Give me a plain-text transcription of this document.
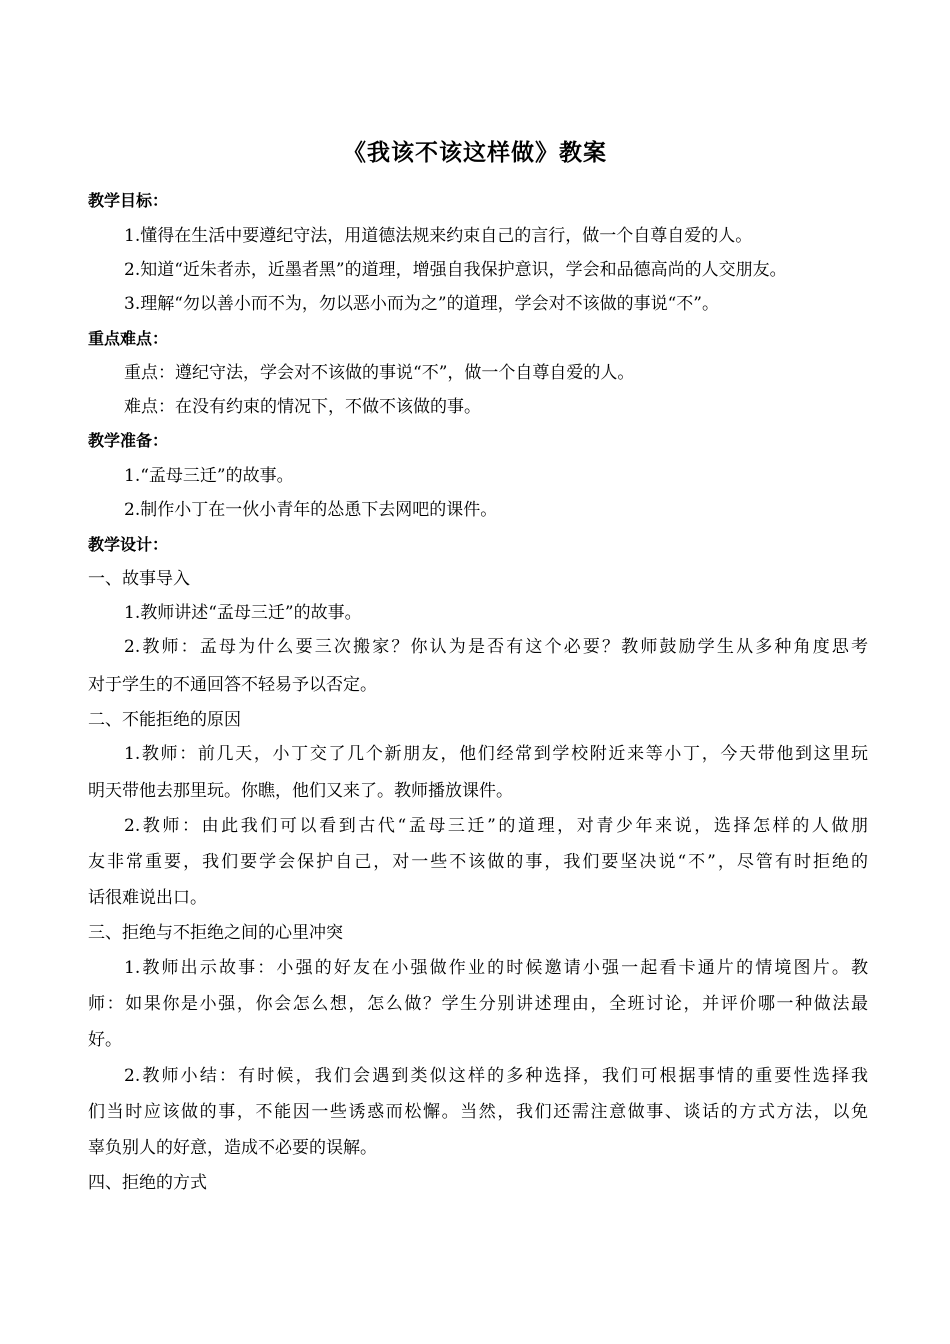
《我该不该这样做》教案
教学目标：
1.懂得在生活中要遵纪守法，用道德法规来约束自己的言行，做一个自尊自爱的人。
2.知道“近朱者赤，近墨者黑”的道理，增强自我保护意识，学会和品德高尚的人交朋友。
3.理解“勿以善小而不为，勿以恶小而为之”的道理，学会对不该做的事说“不”。
重点难点：
重点：遵纪守法，学会对不该做的事说“不”，做一个自尊自爱的人。
难点：在没有约束的情况下，不做不该做的事。
教学准备：
1.“孟母三迁”的故事。
2.制作小丁在一伙小青年的怂恿下去网吧的课件。
教学设计：
一、故事导入
1.教师讲述“孟母三迁”的故事。
2.教师：孟母为什么要三次搬家？你认为是否有这个必要？教师鼓励学生从多种角度思考
对于学生的不通回答不轻易予以否定。
二、不能拒绝的原因
1.教师：前几天，小丁交了几个新朋友，他们经常到学校附近来等小丁，今天带他到这里玩
明天带他去那里玩。你瞧，他们又来了。教师播放课件。
2.教师：由此我们可以看到古代“孟母三迁”的道理，对青少年来说，选择怎样的人做朋
友非常重要，我们要学会保护自己，对一些不该做的事，我们要坚决说“不”，尽管有时拒绝的
话很难说出口。
三、拒绝与不拒绝之间的心里冲突
1.教师出示故事：小强的好友在小强做作业的时候邀请小强一起看卡通片的情境图片。教
师：如果你是小强，你会怎么想，怎么做？学生分别讲述理由，全班讨论，并评价哪一种做法最
好。
2.教师小结：有时候，我们会遇到类似这样的多种选择，我们可根据事情的重要性选择我
们当时应该做的事，不能因一些诱惑而松懈。当然，我们还需注意做事、谈话的方式方法，以免
辜负别人的好意，造成不必要的误解。
四、拒绝的方式
